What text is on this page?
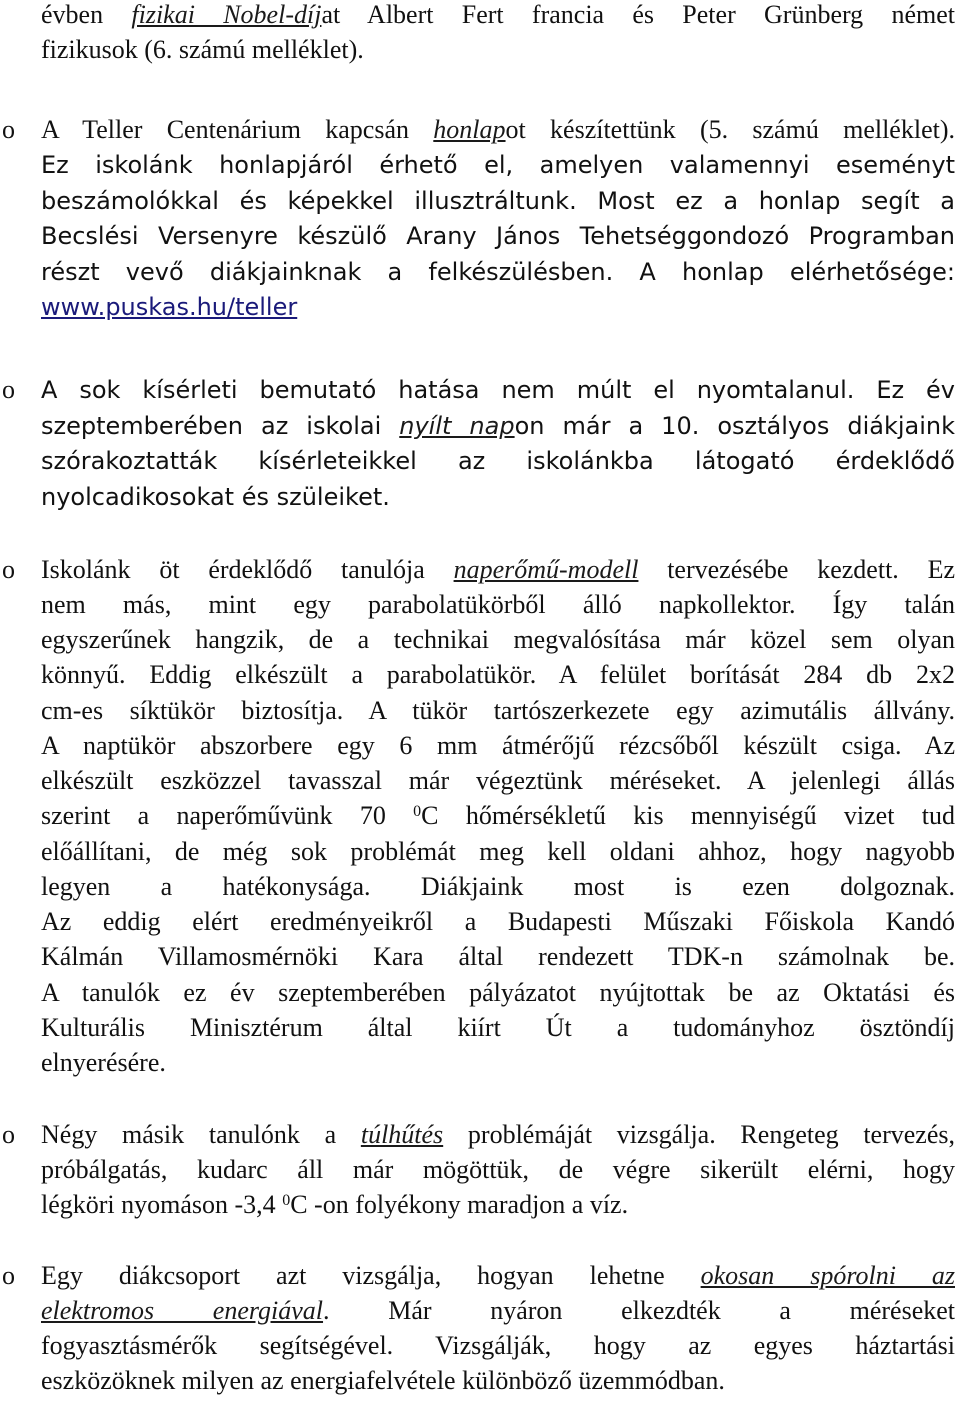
évben fizikai Nobel-díjat Albert Fert francia és Peter Grünberg német
fizikusok (6. számú melléklet).
o	A Teller Centenárium kapcsán honlapot készítettünk (5. számú melléklet).
Ez iskolánk honlapjáról érhető el, amelyen valamennyi eseményt
beszámolókkal és képekkel illusztráltunk. Most ez a honlap segít a
Becslési Versenyre készülő Arany János Tehetséggondozó Programban
részt vevő diákjainknak a felkészülésben. A honlap elérhetősége:
www.puskas.hu/teller
o	A sok kísérleti bemutató hatása nem múlt el nyomtalanul. Ez év
szeptemberében az iskolai nyílt napon már a 10. osztályos diákjaink
szórakoztatták kísérleteikkel az iskolánkba látogató érdeklődő
nyolcadikosokat és szüleiket.
o	Iskolánk öt érdeklődő tanulója naperőmű-modell tervezésébe kezdett. Ez
nem más, mint egy parabolatükörből álló napkollektor. Így talán
egyszerűnek hangzik, de a technikai megvalósítása már közel sem olyan
könnyű. Eddig elkészült a parabolatükör. A felület borítását 284 db 2x2
cm-es síktükör biztosítja. A tükör tartószerkezete egy azimutális állvány.
A naptükör abszorbere egy 6 mm átmérőjű rézcsőből készült csiga. Az
elkészült eszközzel tavasszal már végeztünk méréseket. A jelenlegi állás
szerint a naperőművünk 70 $^0$C hőmérsékletű kis mennyiségű vizet tud
előállítani, de még sok problémát meg kell oldani ahhoz, hogy nagyobb
legyen a hatékonysága. Diákjaink most is ezen dolgoznak.
Az eddig elért eredményeikről a Budapesti Műszaki Főiskola Kandó
Kálmán Villamosmérnöki Kara által rendezett TDK-n számolnak be.
A tanulók ez év szeptemberében pályázatot nyújtottak be az Oktatási és
Kulturális Minisztérum által kiírt Út a tudományhoz ösztöndíj
elnyerésére.
o	Négy másik tanulónk a túlhűtés problémáját vizsgálja. Rengeteg tervezés,
próbálgatás, kudarc áll már mögöttük, de végre sikerült elérni, hogy
légköri nyomáson -3,4 $^0$C -on folyékony maradjon a víz.
o	Egy diákcsoport azt vizsgálja, hogyan lehetne okosan spórolni az
elektromos energiával. Már nyáron elkezdték a méréseket
fogyasztásmérők segítségével. Vizsgálják, hogy az egyes háztartási
eszközöknek milyen az energiafelvétele különböző üzemmódban.
